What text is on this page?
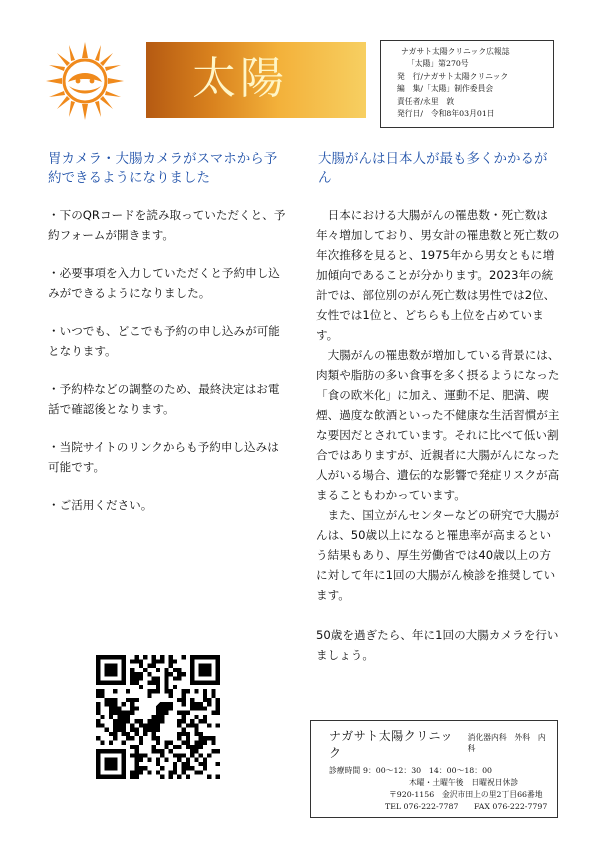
太陽
ナガサト太陽クリニック広報誌
「太陽」第270号
発　行/ナガサト太陽クリニック
編　集/「太陽」制作委員会
責任者/永里　敦
発行日/　令和8年03月01日
胃カメラ・大腸カメラがスマホから予約できるようになりました
・下のQRコードを読み取っていただくと、予約フォームが開きます。
・必要事項を入力していただくと予約申し込みができるようになりました。
・いつでも、どこでも予約の申し込みが可能となります。
・予約枠などの調整のため、最終決定はお電話で確認後となります。
・当院サイトのリンクからも予約申し込みは可能です。
・ご活用ください。
大腸がんは日本人が最も多くかかるがん

日本における大腸がんの罹患数・死亡数は年々増加しており、男女計の罹患数と死亡数の年次推移を見ると、1975年から男女ともに増加傾向であることが分かります。2023年の統計では、部位別のがん死亡数は男性では2位、女性では1位と、どちらも上位を占めています。

大腸がんの罹患数が増加している背景には、肉類や脂肪の多い食事を多く摂るようになった「食の欧米化」に加え、運動不足、肥満、喫煙、過度な飲酒といった不健康な生活習慣が主な要因だとされています。それに比べて低い割合ではありますが、近親者に大腸がんになった人がいる場合、遺伝的な影響で発症リスクが高まることもわかっています。

また、国立がんセンターなどの研究で大腸がんは、50歳以上になると罹患率が高まるという結果もあり、厚生労働省では40歳以上の方に対して年に1回の大腸がん検診を推奨しています。

50歳を過ぎたら、年に1回の大腸カメラを行いましょう。

ナガサト太陽クリニック
消化器内科　外科　内科
診療時間 9：00〜12：30　14：00〜18：00
木曜・土曜午後　日曜祝日休診
〒920-1156　金沢市田上の里2丁目66番地
TEL 076-222-7787　　FAX 076-222-7797
